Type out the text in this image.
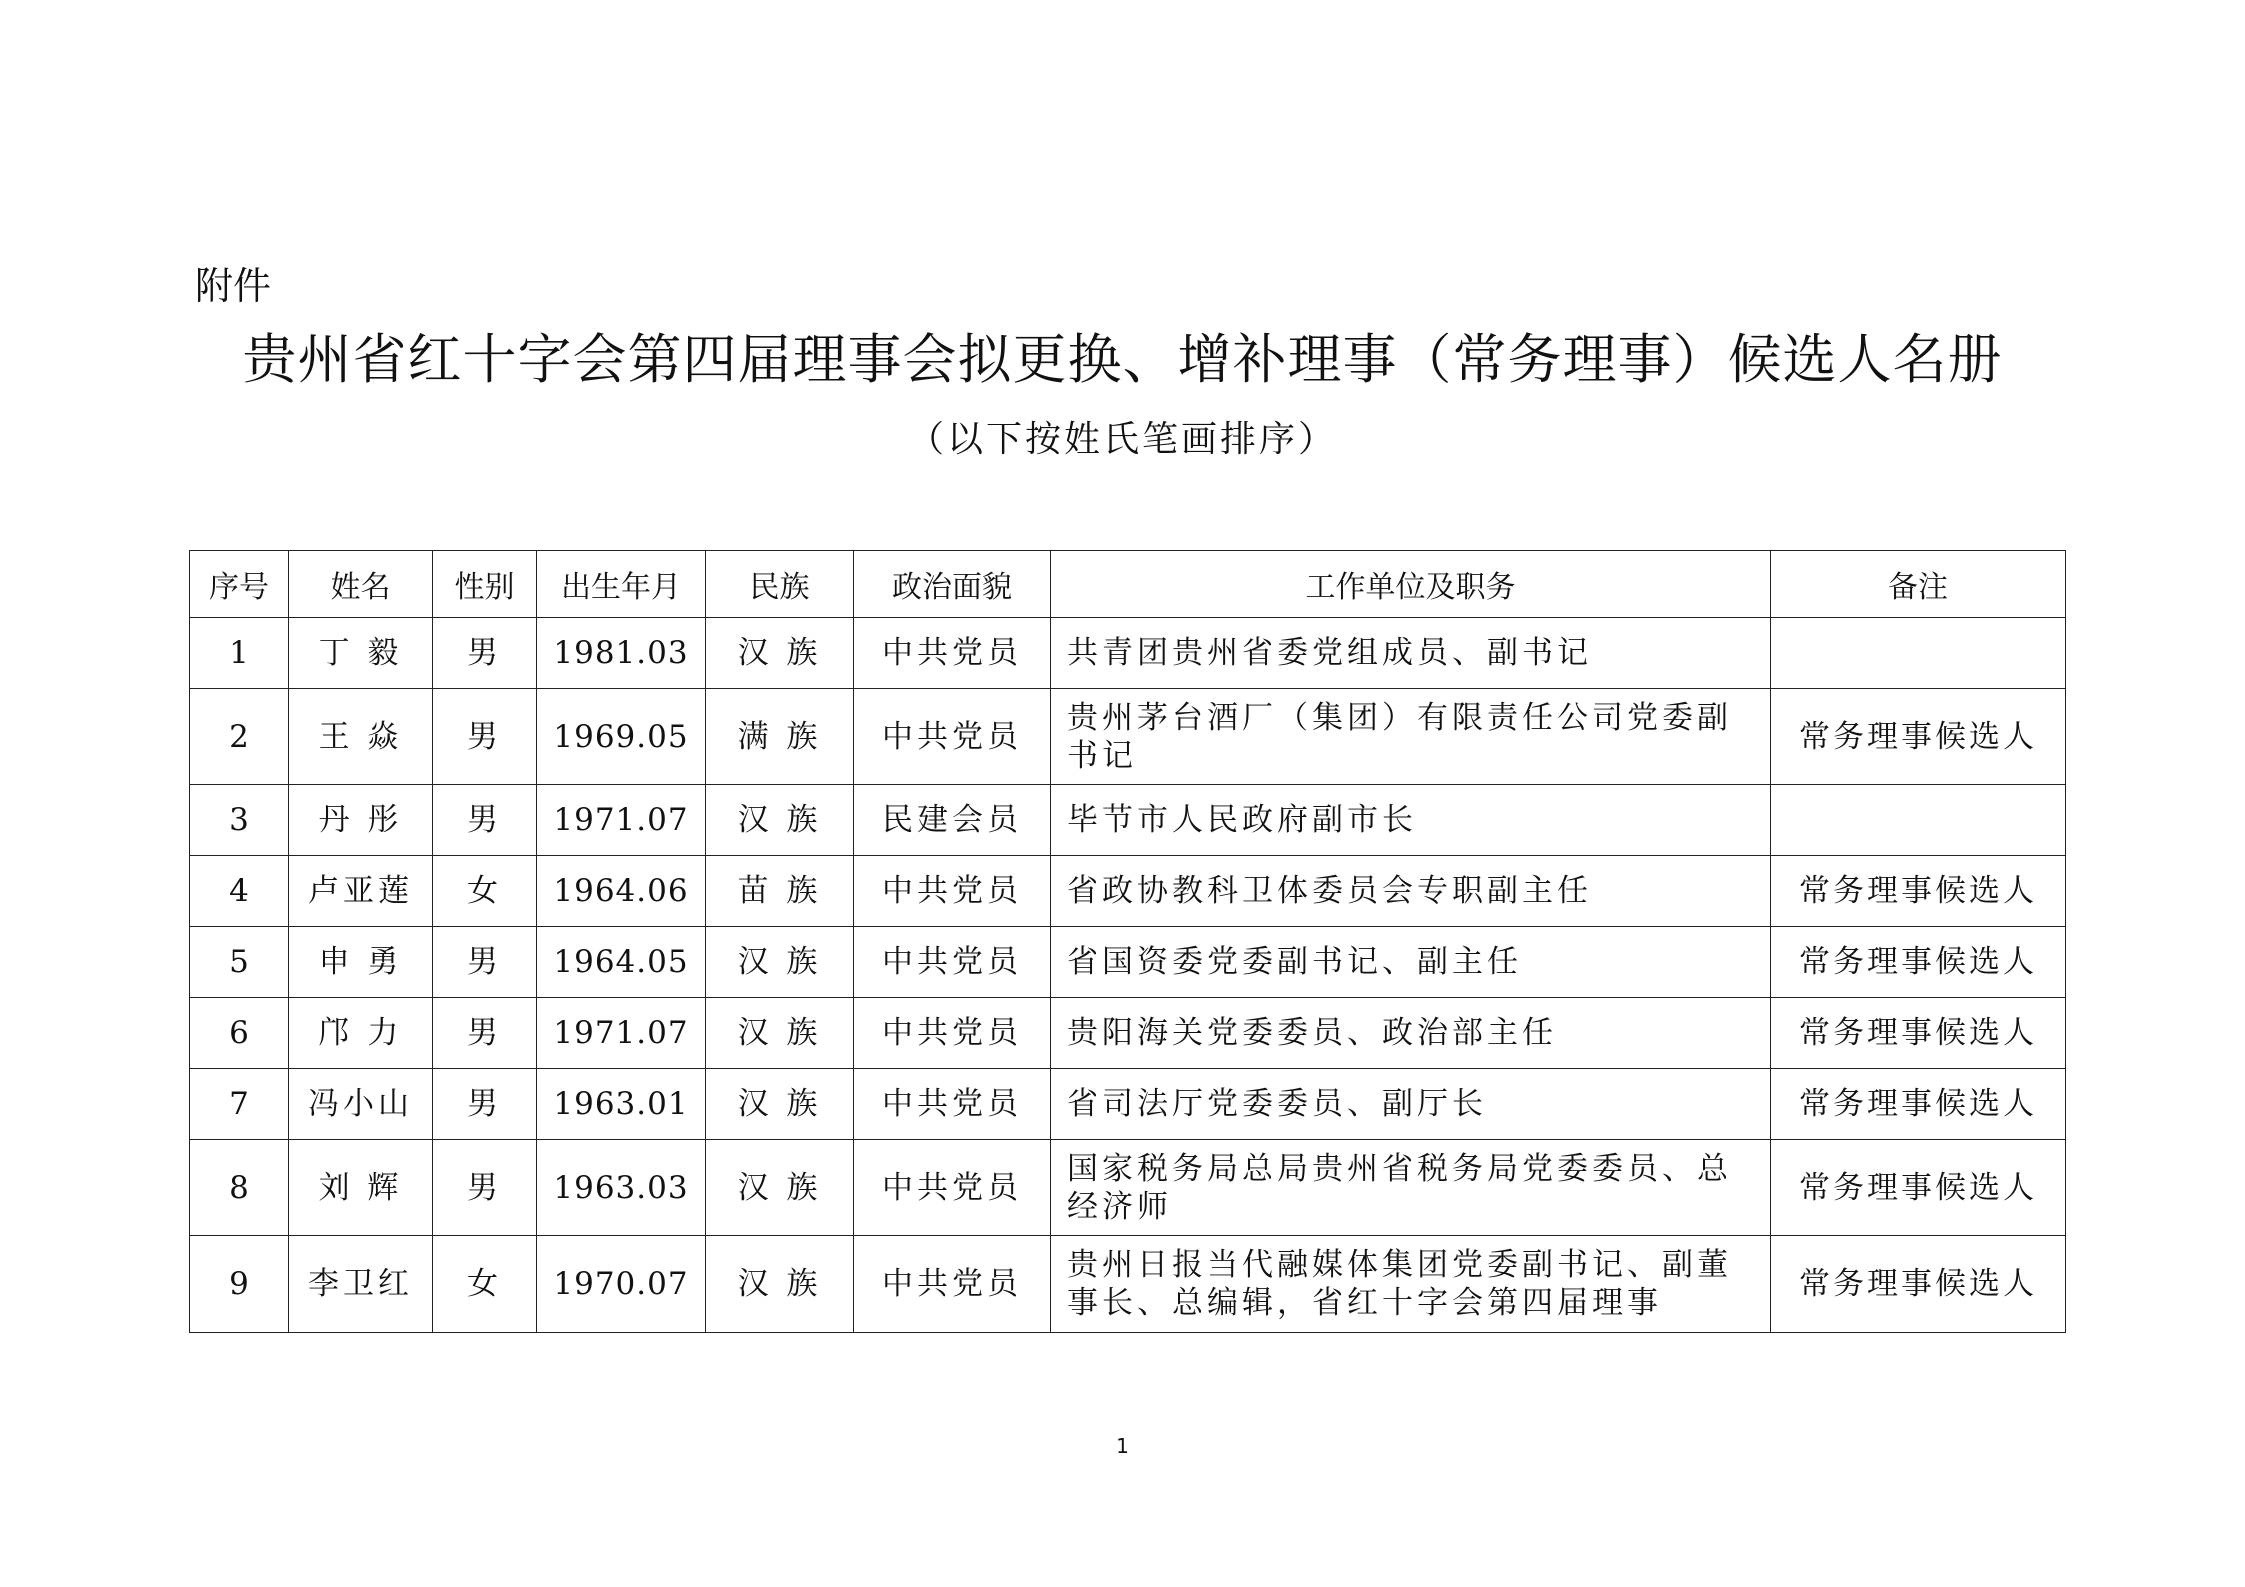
附件
贵州省红十字会第四届理事会拟更换、增补理事（常务理事）候选人名册
（以下按姓氏笔画排序）
序号	姓名	性别	出生年月	民族	政治面貌	工作单位及职务	备注
1	丁 毅	男	1981.03	汉 族	中共党员	共青团贵州省委党组成员、副书记	
2	王 焱	男	1969.05	满 族	中共党员	贵州茅台酒厂（集团）有限责任公司党委副书记	常务理事候选人
3	丹 彤	男	1971.07	汉 族	民建会员	毕节市人民政府副市长	
4	卢亚莲	女	1964.06	苗 族	中共党员	省政协教科卫体委员会专职副主任	常务理事候选人
5	申 勇	男	1964.05	汉 族	中共党员	省国资委党委副书记、副主任	常务理事候选人
6	邝 力	男	1971.07	汉 族	中共党员	贵阳海关党委委员、政治部主任	常务理事候选人
7	冯小山	男	1963.01	汉 族	中共党员	省司法厅党委委员、副厅长	常务理事候选人
8	刘 辉	男	1963.03	汉 族	中共党员	国家税务局总局贵州省税务局党委委员、总经济师	常务理事候选人
9	李卫红	女	1970.07	汉 族	中共党员	贵州日报当代融媒体集团党委副书记、副董事长、总编辑，省红十字会第四届理事	常务理事候选人
1
